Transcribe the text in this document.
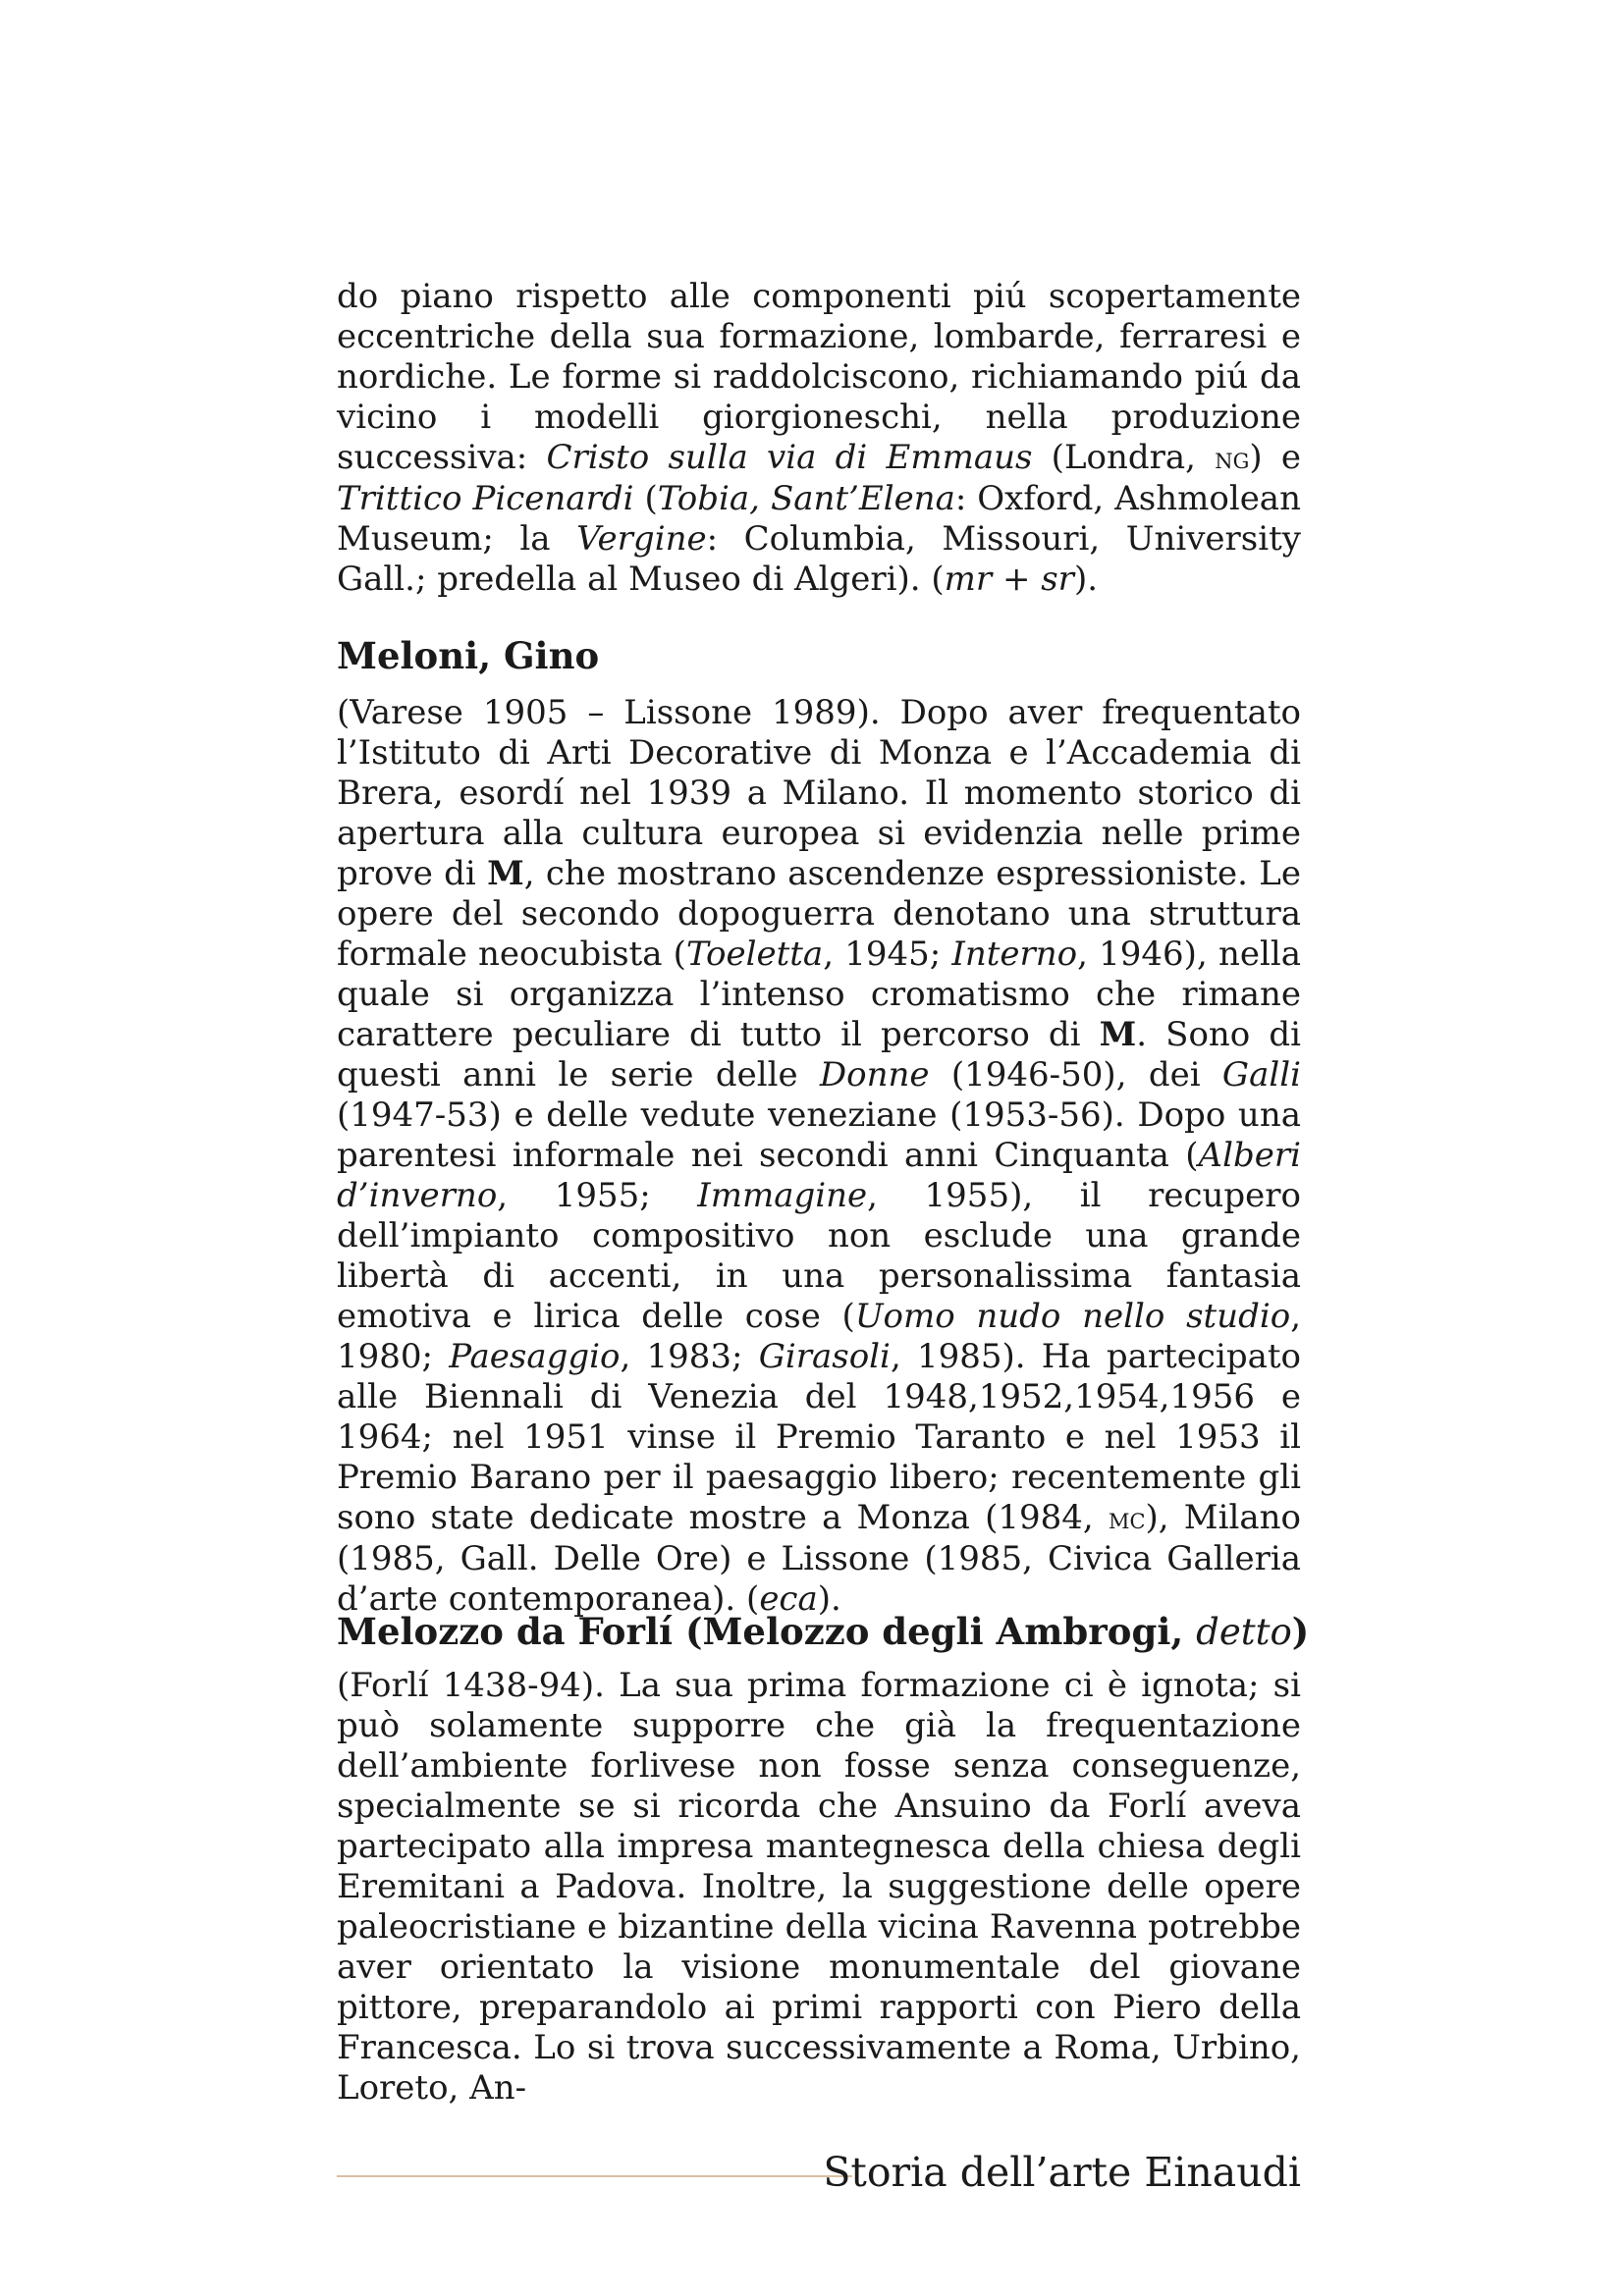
do piano rispetto alle componenti piú scopertamente eccentriche della sua formazione, lombarde, ferraresi e nordiche. Le forme si raddolciscono, richiamando piú da vicino i modelli giorgioneschi, nella produzione successiva: Cristo sulla via di Emmaus (Londra, ng) e Trittico Picenardi (Tobia, Sant’Elena: Oxford, Ashmolean Museum; la Vergine: Columbia, Missouri, University Gall.; predella al Museo di Algeri). (mr + sr).

Meloni, Gino

(Varese 1905 – Lissone 1989). Dopo aver frequentato l’Istituto di Arti Decorative di Monza e l’Accademia di Brera, esordí nel 1939 a Milano. Il momento storico di apertura alla cultura europea si evidenzia nelle prime prove di M, che mostrano ascendenze espressioniste. Le opere del secondo dopoguerra denotano una struttura formale neocubista (Toeletta, 1945; Interno, 1946), nella quale si organizza l’intenso cromatismo che rimane carattere peculiare di tutto il percorso di M. Sono di questi anni le serie delle Donne (1946-50), dei Galli (1947-53) e delle vedute veneziane (1953-56). Dopo una parentesi informale nei secondi anni Cinquanta (Alberi d’inverno, 1955; Immagine, 1955), il recupero dell’impianto compositivo non esclude una grande libertà di accenti, in una personalissima fantasia emotiva e lirica delle cose (Uomo nudo nello studio, 1980; Paesaggio, 1983; Girasoli, 1985). Ha partecipato alle Biennali di Venezia del 1948,1952,1954,1956 e 1964; nel 1951 vinse il Premio Taranto e nel 1953 il Premio Barano per il paesaggio libero; recentemente gli sono state dedicate mostre a Monza (1984, mc), Milano (1985, Gall. Delle Ore) e Lissone (1985, Civica Galleria d’arte contemporanea). (eca).

Melozzo da Forlí (Melozzo degli Ambrogi, detto)

(Forlí 1438-94). La sua prima formazione ci è ignota; si può solamente supporre che già la frequentazione dell’ambiente forlivese non fosse senza conseguenze, specialmente se si ricorda che Ansuino da Forlí aveva partecipato alla impresa mantegnesca della chiesa degli Eremitani a Padova. Inoltre, la suggestione delle opere paleocristiane e bizantine della vicina Ravenna potrebbe aver orientato la visione monumentale del giovane pittore, preparandolo ai primi rapporti con Piero della Francesca. Lo si trova successivamente a Roma, Urbino, Loreto, An-

Storia dell’arte Einaudi
